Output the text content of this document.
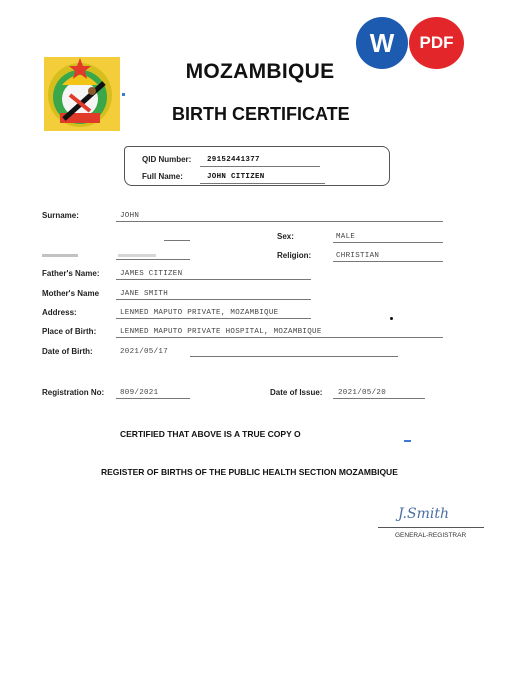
W	PDF
MOZAMBIQUE
BIRTH CERTIFICATE
QID Number: 29152441377
Full Name:	JOHN CITIZEN
Surname:	JOHN
Sex:	MALE
Religion:	CHRISTIAN
Father's Name:	JAMES CITIZEN
Mother's Name	JANE SMITH
Address:	LENMED MAPUTO PRIVATE, MOZAMBIQUE
Place of Birth:	LENMED MAPUTO PRIVATE HOSPITAL, MOZAMBIQUE
Date of Birth:	2021/05/17
Registration No: 809/2021	Date of Issue: 2021/05/20
CERTIFIED THAT ABOVE IS A TRUE COPY O
REGISTER OF BIRTHS OF THE PUBLIC HEALTH SECTION MOZAMBIQUE
J.Smith
GENERAL-REGISTRAR
